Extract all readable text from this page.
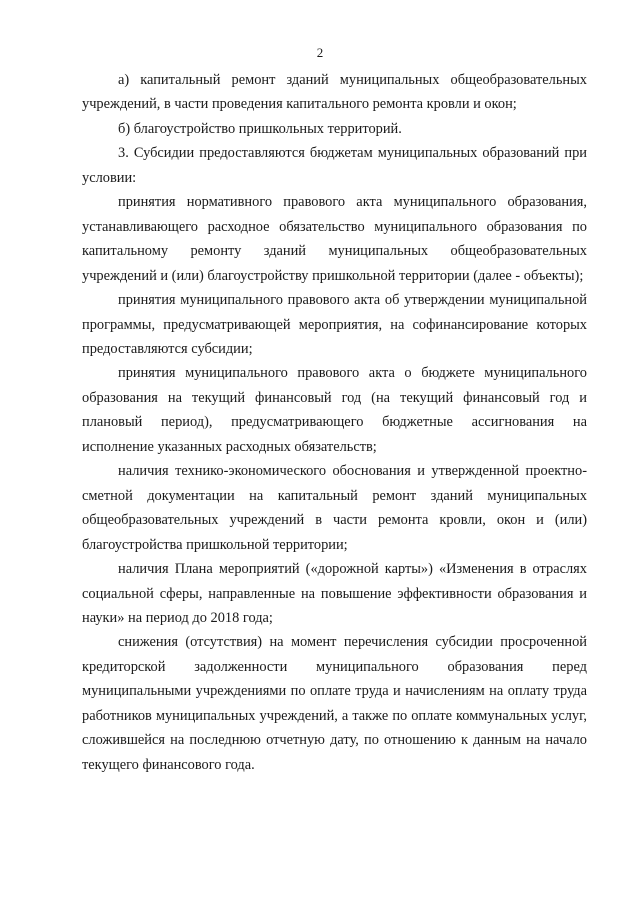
2

а) капитальный ремонт зданий муниципальных общеобразовательных учреждений, в части проведения капитального ремонта кровли и окон;

б) благоустройство пришкольных территорий.

3. Субсидии предоставляются бюджетам муниципальных образований при условии:

принятия нормативного правового акта муниципального образования, устанавливающего расходное обязательство муниципального образования по капитальному ремонту зданий муниципальных общеобразовательных учреждений и (или) благоустройству пришкольной территории (далее - объекты);

принятия муниципального правового акта об утверждении муниципальной программы, предусматривающей мероприятия, на софинансирование которых предоставляются субсидии;

принятия муниципального правового акта о бюджете муниципального образования на текущий финансовый год (на текущий финансовый год и плановый период), предусматривающего бюджетные ассигнования на исполнение указанных расходных обязательств;

наличия технико-экономического обоснования и утвержденной проектно-сметной документации на капитальный ремонт зданий муниципальных общеобразовательных учреждений в части ремонта кровли, окон и (или) благоустройства пришкольной территории;

наличия Плана мероприятий («дорожной карты») «Изменения в отраслях социальной сферы, направленные на повышение эффективности образования и науки» на период до 2018 года;

снижения (отсутствия) на момент перечисления субсидии просроченной кредиторской задолженности муниципального образования перед муниципальными учреждениями по оплате труда и начислениям на оплату труда работников муниципальных учреждений, а также по оплате коммунальных услуг, сложившейся на последнюю отчетную дату, по отношению к данным на начало текущего финансового года.
